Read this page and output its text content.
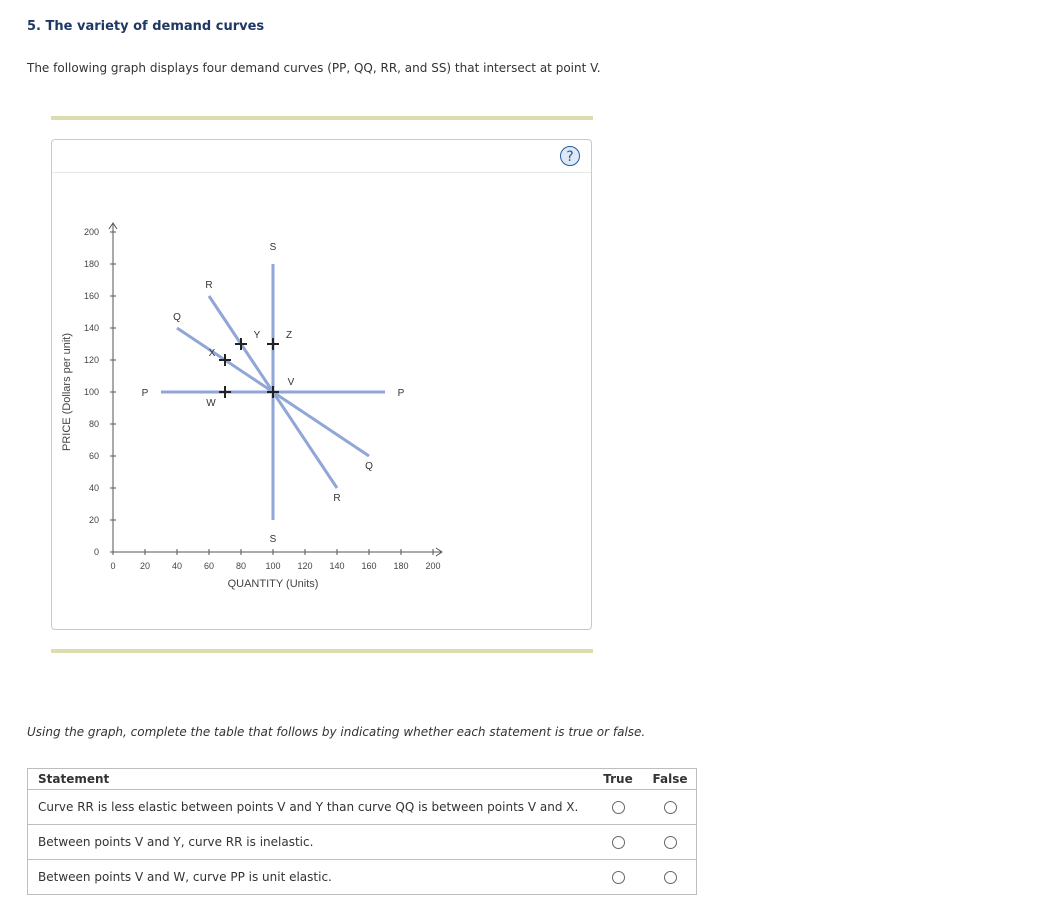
5. The variety of demand curves
The following graph displays four demand curves (PP, QQ, RR, and SS) that intersect at point V.
?
0	20 40 60 80 100 120 140 160 180 200
0
20
40
60
80
100
120
140
160
180
200
QUANTITY (Units)
PRICE (Dollars per unit)	P	P
Q
Q
R
R
S
S
V
W
X
Y	Z
Using the graph, complete the table that follows by indicating whether each statement is true or false.
Statement	True	False
Curve RR is less elastic between points V and Y than curve QQ is between points V and X.		
Between points V and Y, curve RR is inelastic.		
Between points V and W, curve PP is unit elastic.		
